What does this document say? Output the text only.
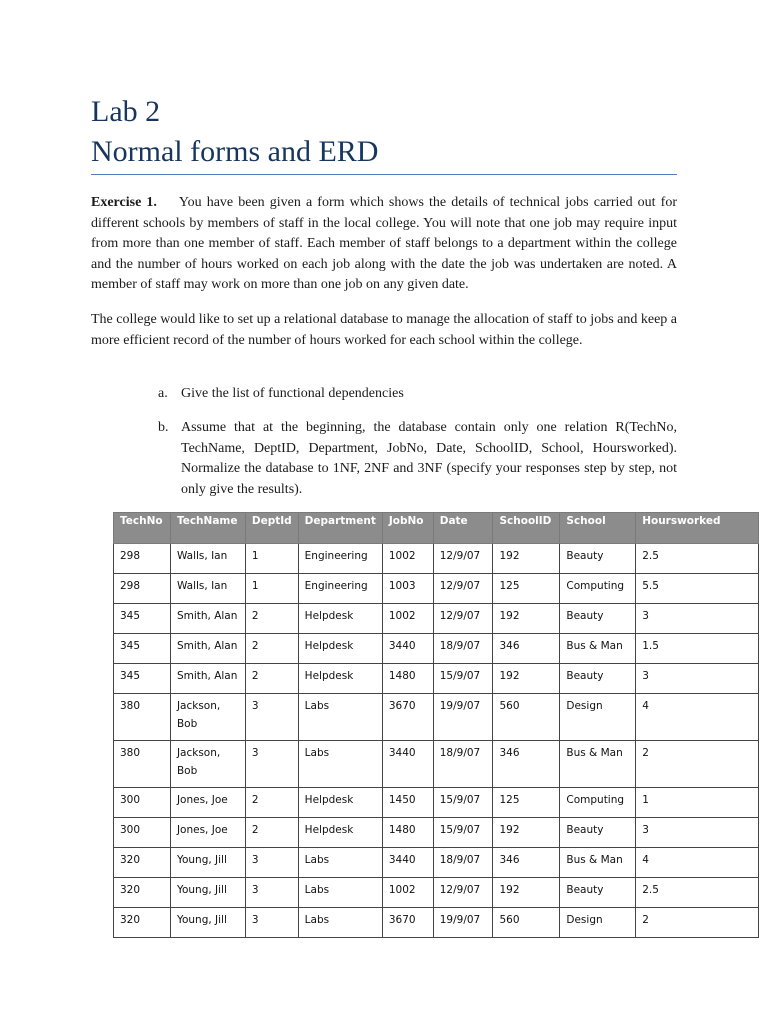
Lab 2
Normal forms and ERD

Exercise 1. You have been given a form which shows the details of technical jobs carried out for different schools by members of staff in the local college. You will note that one job may require input from more than one member of staff. Each member of staff belongs to a department within the college and the number of hours worked on each job along with the date the job was undertaken are noted. A member of staff may work on more than one job on any given date.

The college would like to set up a relational database to manage the allocation of staff to jobs and keep a more efficient record of the number of hours worked for each school within the college.

a. Give the list of functional dependencies
b. Assume that at the beginning, the database contain only one relation R(TechNo, TechName, DeptID, Department, JobNo, Date, SchoolID, School, Hoursworked). Normalize the database to 1NF, 2NF and 3NF (specify your responses step by step, not only give the results).
TechNo	TechName	DeptId	Department	JobNo	Date	SchoolID	School	Hoursworked
298	Walls, Ian	1	Engineering	1002	12/9/07	192	Beauty	2.5
298	Walls, Ian	1	Engineering	1003	12/9/07	125	Computing	5.5
345	Smith, Alan	2	Helpdesk	1002	12/9/07	192	Beauty	3
345	Smith, Alan	2	Helpdesk	3440	18/9/07	346	Bus & Man	1.5
345	Smith, Alan	2	Helpdesk	1480	15/9/07	192	Beauty	3
380	Jackson, Bob	3	Labs	3670	19/9/07	560	Design	4
380	Jackson, Bob	3	Labs	3440	18/9/07	346	Bus & Man	2
300	Jones, Joe	2	Helpdesk	1450	15/9/07	125	Computing	1
300	Jones, Joe	2	Helpdesk	1480	15/9/07	192	Beauty	3
320	Young, Jill	3	Labs	3440	18/9/07	346	Bus & Man	4
320	Young, Jill	3	Labs	1002	12/9/07	192	Beauty	2.5
320	Young, Jill	3	Labs	3670	19/9/07	560	Design	2
